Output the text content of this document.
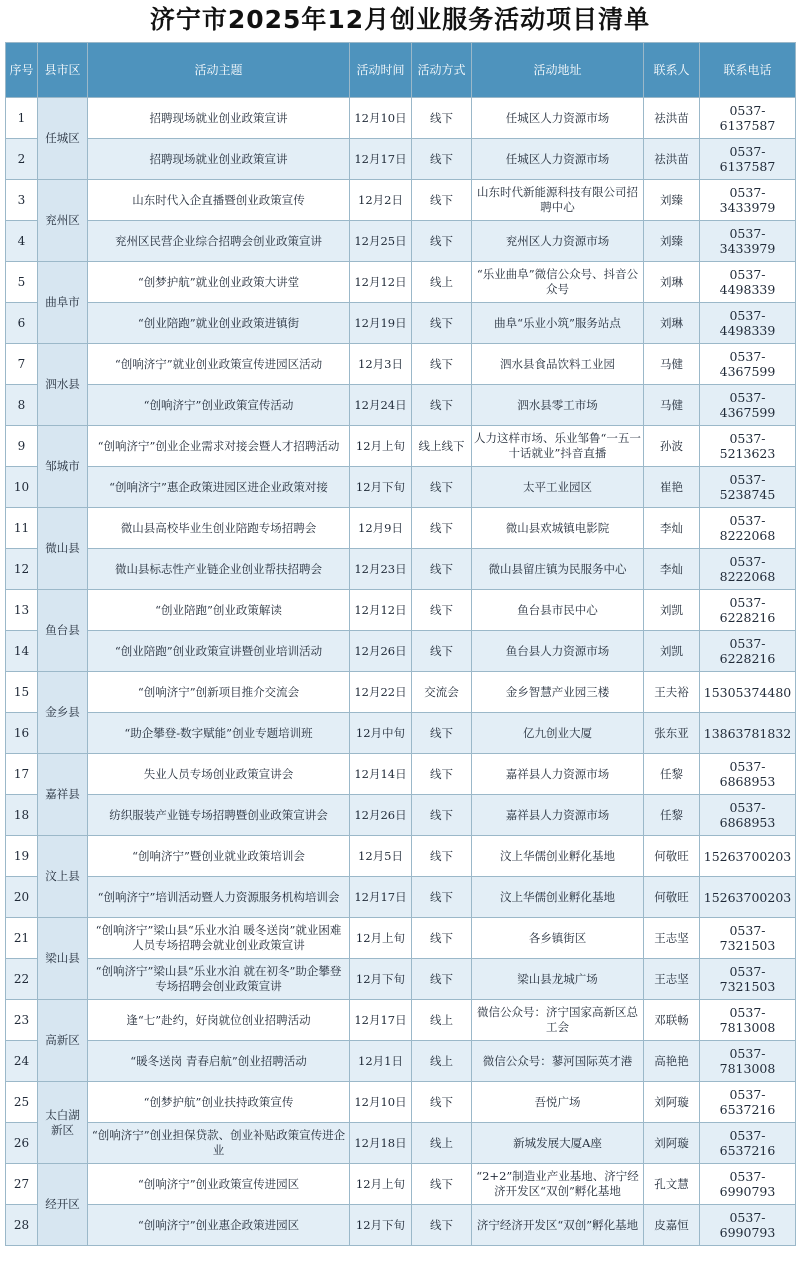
济宁市2025年12月创业服务活动项目清单
序号	县市区	活动主题	活动时间	活动方式	活动地址	联系人	联系电话
1	任城区	招聘现场就业创业政策宣讲	12月10日	线下	任城区人力资源市场	祛洪苗	0537-6137587
2		招聘现场就业创业政策宣讲	12月17日	线下	任城区人力资源市场	祛洪苗	0537-6137587
3	兖州区	山东时代入企直播暨创业政策宣传	12月2日	线下	山东时代新能源科技有限公司招聘中心	刘臻	0537-3433979
4		兖州区民营企业综合招聘会创业政策宣讲	12月25日	线下	兖州区人力资源市场	刘臻	0537-3433979
5	曲阜市	“创梦护航”就业创业政策大讲堂	12月12日	线上	“乐业曲阜”微信公众号、抖音公众号	刘琳	0537-4498339
6		“创业陪跑”就业创业政策进镇街	12月19日	线下	曲阜“乐业小筑”服务站点	刘琳	0537-4498339
7	泗水县	“创响济宁”就业创业政策宣传进园区活动	12月3日	线下	泗水县食品饮料工业园	马健	0537-4367599
8		“创响济宁”创业政策宣传活动	12月24日	线下	泗水县零工市场	马健	0537-4367599
9	邹城市	“创响济宁”创业企业需求对接会暨人才招聘活动	12月上旬	线上线下	人力这样市场、乐业邹鲁“一五一十话就业”抖音直播	孙波	0537-5213623
10		“创响济宁”惠企政策进园区进企业政策对接	12月下旬	线下	太平工业园区	崔艳	0537-5238745
11	微山县	微山县高校毕业生创业陪跑专场招聘会	12月9日	线下	微山县欢城镇电影院	李灿	0537-8222068
12		微山县标志性产业链企业创业帮扶招聘会	12月23日	线下	微山县留庄镇为民服务中心	李灿	0537-8222068
13	鱼台县	“创业陪跑”创业政策解读	12月12日	线下	鱼台县市民中心	刘凯	0537-6228216
14		“创业陪跑”创业政策宣讲暨创业培训活动	12月26日	线下	鱼台县人力资源市场	刘凯	0537-6228216
15	金乡县	“创响济宁”创新项目推介交流会	12月22日	交流会	金乡智慧产业园三楼	王夫裕	15305374480
16		“助企攀登-数字赋能”创业专题培训班	12月中旬	线下	亿九创业大厦	张东亚	13863781832
17	嘉祥县	失业人员专场创业政策宣讲会	12月14日	线下	嘉祥县人力资源市场	任黎	0537-6868953
18		纺织服装产业链专场招聘暨创业政策宣讲会	12月26日	线下	嘉祥县人力资源市场	任黎	0537-6868953
19	汶上县	“创响济宁”暨创业就业政策培训会	12月5日	线下	汶上华儒创业孵化基地	何敬旺	15263700203
20		“创响济宁”培训活动暨人力资源服务机构培训会	12月17日	线下	汶上华儒创业孵化基地	何敬旺	15263700203
21	梁山县	“创响济宁”梁山县“乐业水泊 暖冬送岗”就业困难人员专场招聘会就业创业政策宣讲	12月上旬	线下	各乡镇街区	王志坚	0537-7321503
22		“创响济宁”梁山县“乐业水泊 就在初冬”助企攀登专场招聘会创业政策宣讲	12月下旬	线下	梁山县龙城广场	王志坚	0537-7321503
23	高新区	逢“七”赴约，好岗就位创业招聘活动	12月17日	线上	微信公众号：济宁国家高新区总工会	邓联畅	0537-7813008
24		“暖冬送岗 青春启航”创业招聘活动	12月1日	线上	微信公众号：蓼河国际英才港	高艳艳	0537-7813008
25	太白湖新区	“创梦护航”创业扶持政策宣传	12月10日	线下	吾悦广场	刘阿璇	0537-6537216
26		“创响济宁”创业担保贷款、创业补贴政策宣传进企业	12月18日	线上	新城发展大厦A座	刘阿璇	0537-6537216
27	经开区	“创响济宁”创业政策宣传进园区	12月上旬	线下	“2+2”制造业产业基地、济宁经济开发区“双创”孵化基地	孔文慧	0537-6990793
28		“创响济宁”创业惠企政策进园区	12月下旬	线下	济宁经济开发区“双创”孵化基地	皮嘉恒	0537-6990793
